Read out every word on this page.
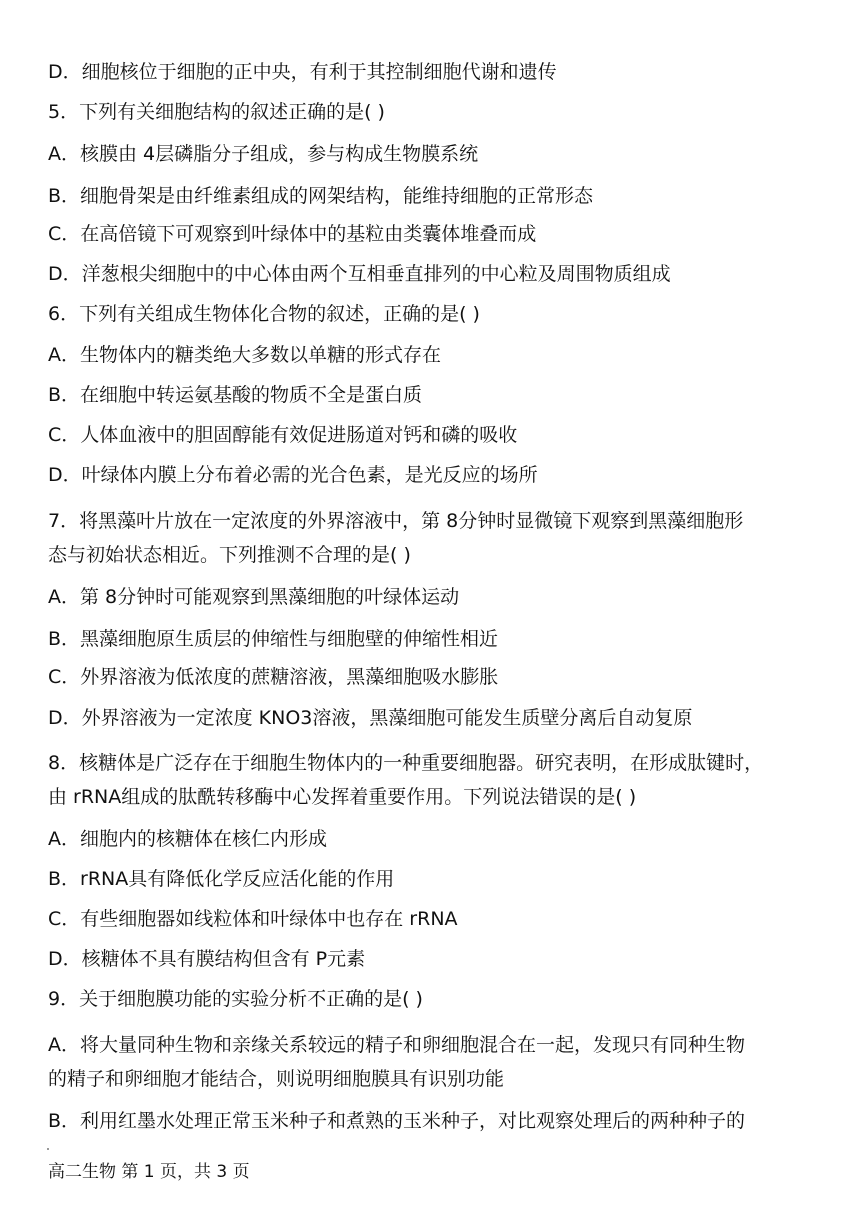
D．细胞核位于细胞的正中央，有利于其控制细胞代谢和遗传
5．下列有关细胞结构的叙述正确的是( )
A．核膜由 4层磷脂分子组成，参与构成生物膜系统
B．细胞骨架是由纤维素组成的网架结构，能维持细胞的正常形态
C．在高倍镜下可观察到叶绿体中的基粒由类囊体堆叠而成
D．洋葱根尖细胞中的中心体由两个互相垂直排列的中心粒及周围物质组成
6．下列有关组成生物体化合物的叙述，正确的是( )
A．生物体内的糖类绝大多数以单糖的形式存在
B．在细胞中转运氨基酸的物质不全是蛋白质
C．人体血液中的胆固醇能有效促进肠道对钙和磷的吸收
D．叶绿体内膜上分布着必需的光合色素，是光反应的场所
7．将黑藻叶片放在一定浓度的外界溶液中，第 8分钟时显微镜下观察到黑藻细胞形
态与初始状态相近。下列推测不合理的是( )
A．第 8分钟时可能观察到黑藻细胞的叶绿体运动
B．黑藻细胞原生质层的伸缩性与细胞壁的伸缩性相近
C．外界溶液为低浓度的蔗糖溶液，黑藻细胞吸水膨胀
D．外界溶液为一定浓度 KNO3溶液，黑藻细胞可能发生质壁分离后自动复原
8．核糖体是广泛存在于细胞生物体内的一种重要细胞器。研究表明，在形成肽键时，
由 rRNA组成的肽酰转移酶中心发挥着重要作用。下列说法错误的是( )
A．细胞内的核糖体在核仁内形成
B．rRNA具有降低化学反应活化能的作用
C．有些细胞器如线粒体和叶绿体中也存在 rRNA
D．核糖体不具有膜结构但含有 P元素
9．关于细胞膜功能的实验分析不正确的是( )
A．将大量同种生物和亲缘关系较远的精子和卵细胞混合在一起，发现只有同种生物
的精子和卵细胞才能结合，则说明细胞膜具有识别功能
B．利用红墨水处理正常玉米种子和煮熟的玉米种子，对比观察处理后的两种种子的
高二生物 第 1 页，共 3 页
